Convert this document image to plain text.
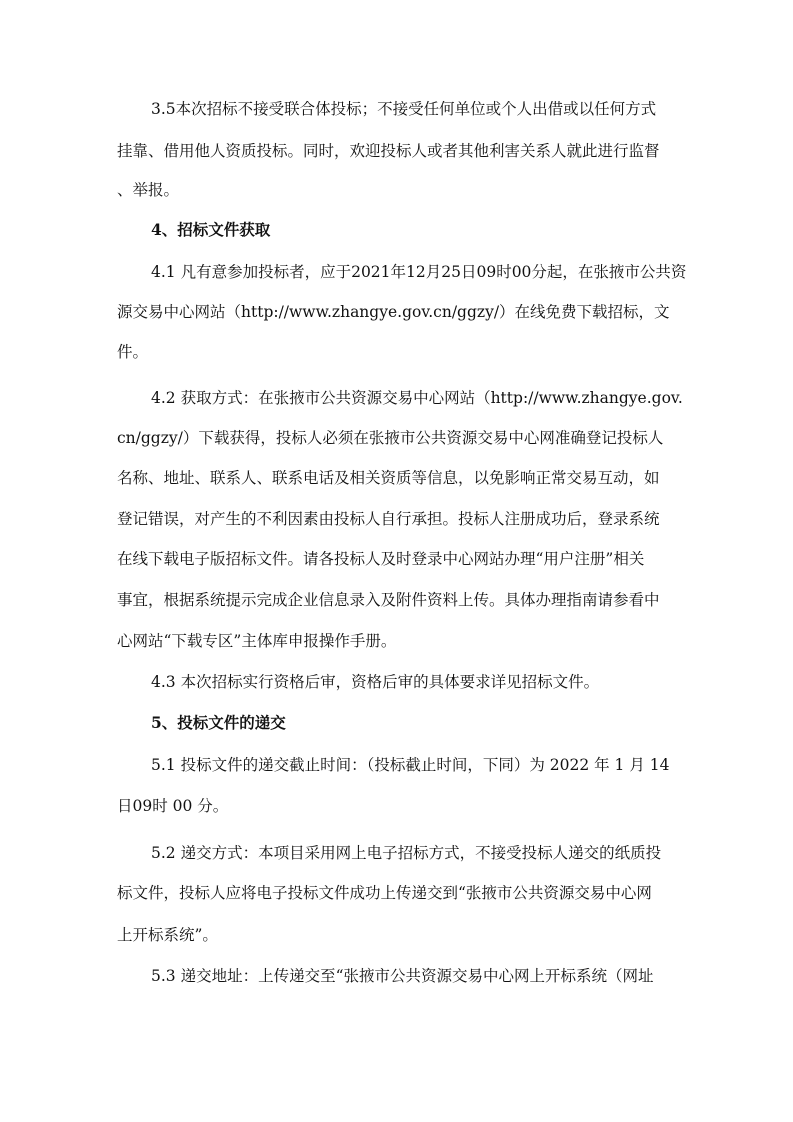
3.5本次招标不接受联合体投标；不接受任何单位或个人出借或以任何方式
挂靠、借用他人资质投标。同时，欢迎投标人或者其他利害关系人就此进行监督
、举报。
4、招标文件获取
4.1 凡有意参加投标者，应于2021年12月25日09时00分起，在张掖市公共资
源交易中心网站（http://www.zhangye.gov.cn/ggzy/）在线免费下载招标，文
件。
4.2 获取方式：在张掖市公共资源交易中心网站（http://www.zhangye.gov.
cn/ggzy/）下载获得，投标人必须在张掖市公共资源交易中心网准确登记投标人
名称、地址、联系人、联系电话及相关资质等信息，以免影响正常交易互动，如
登记错误，对产生的不利因素由投标人自行承担。投标人注册成功后，登录系统
在线下载电子版招标文件。请各投标人及时登录中心网站办理“用户注册”相关
事宜，根据系统提示完成企业信息录入及附件资料上传。具体办理指南请参看中
心网站“下载专区”主体库申报操作手册。
4.3 本次招标实行资格后审，资格后审的具体要求详见招标文件。
5、投标文件的递交
5.1 投标文件的递交截止时间：（投标截止时间，下同）为 2022 年 1 月 14
日09时 00 分。
5.2 递交方式：本项目采用网上电子招标方式，不接受投标人递交的纸质投
标文件，投标人应将电子投标文件成功上传递交到“张掖市公共资源交易中心网
上开标系统”。
5.3 递交地址：上传递交至“张掖市公共资源交易中心网上开标系统（网址
